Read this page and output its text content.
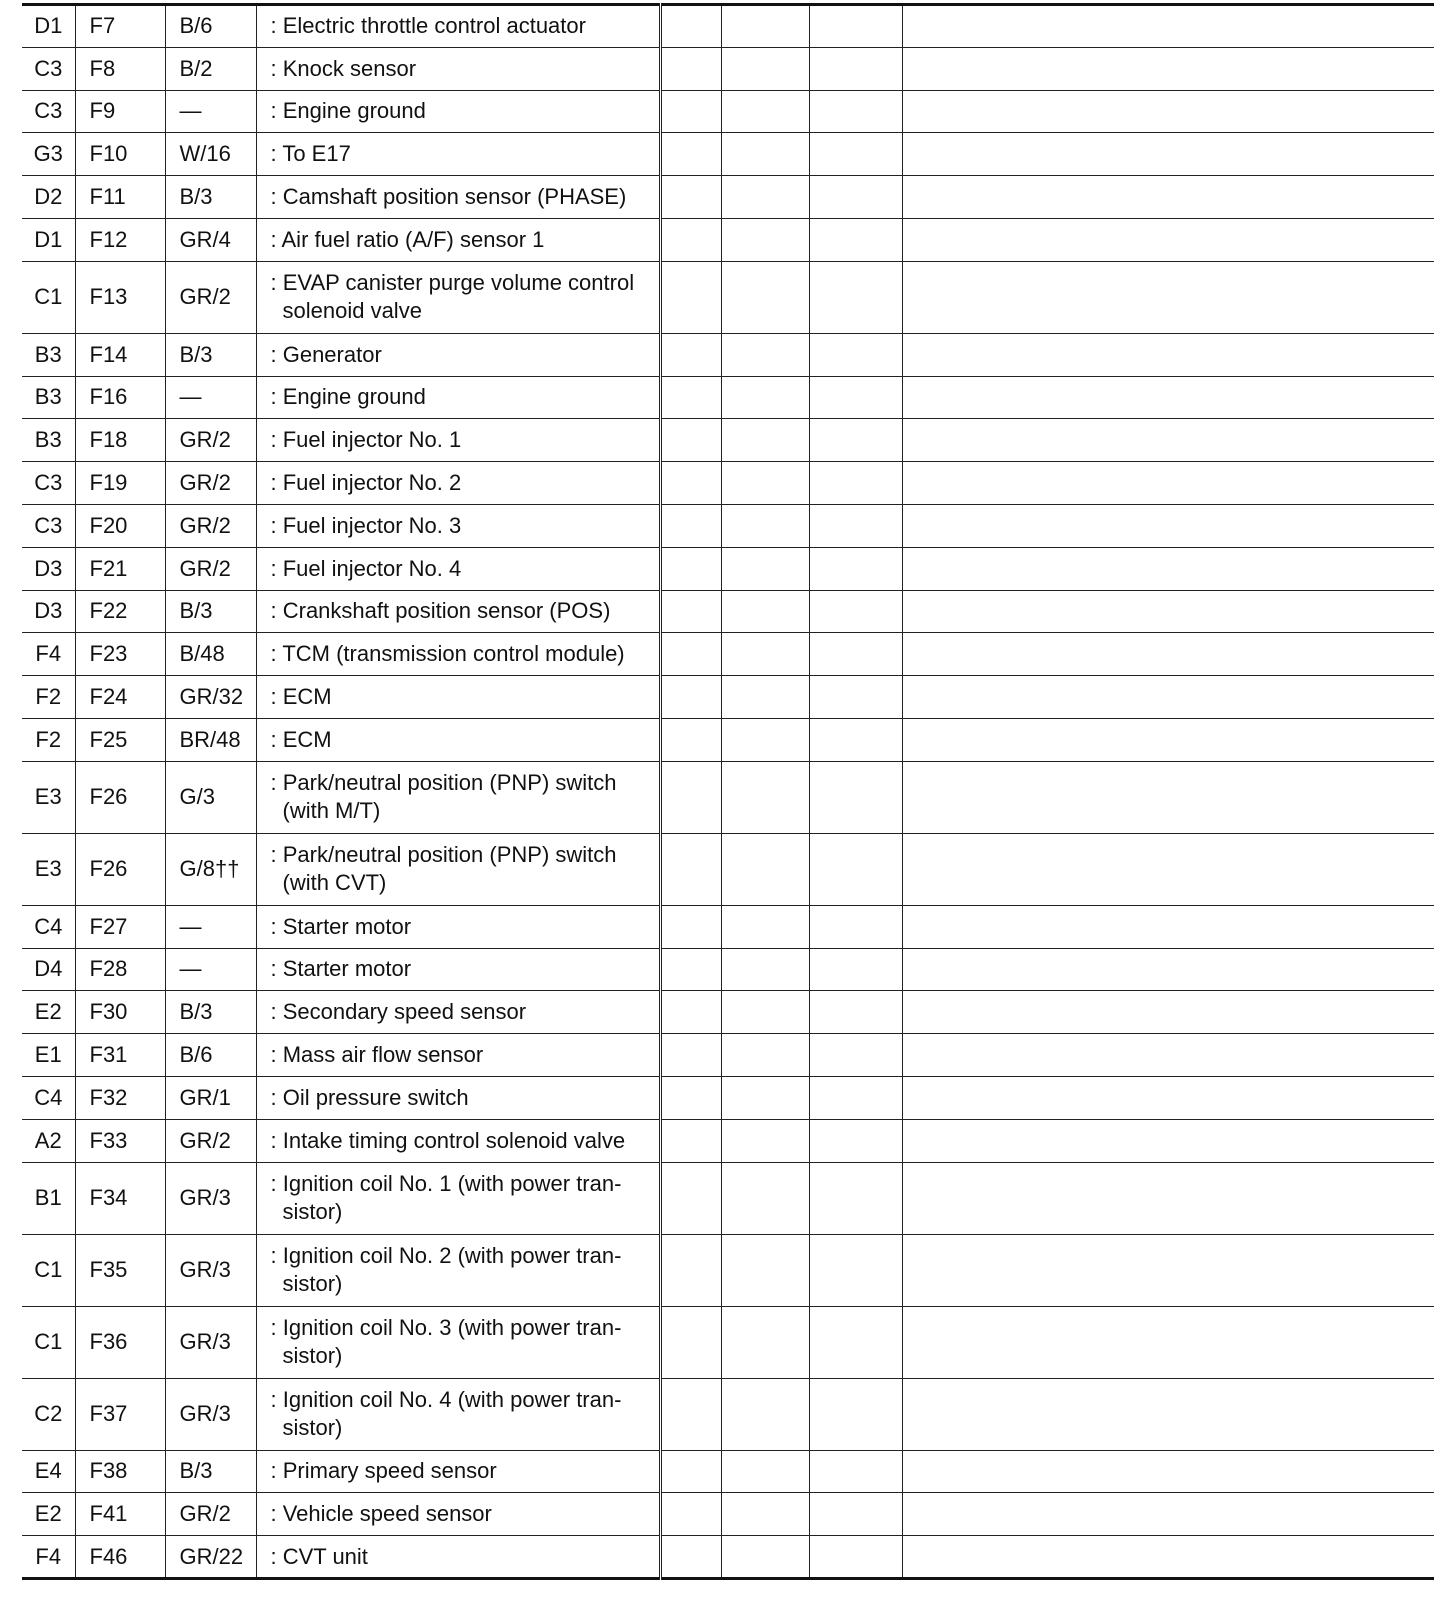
D1	F7	B/6	: Electric throttle control actuator				

C3	F8	B/2	: Knock sensor				

C3	F9	—	: Engine ground				

G3	F10	W/16	: To E17				

D2	F11	B/3	: Camshaft position sensor (PHASE)				

D1	F12	GR/4	: Air fuel ratio (A/F) sensor 1				

C1	F13	GR/2	: EVAP canister purge volume control solenoid valve				

B3	F14	B/3	: Generator				

B3	F16	—	: Engine ground				

B3	F18	GR/2	: Fuel injector No. 1				

C3	F19	GR/2	: Fuel injector No. 2				

C3	F20	GR/2	: Fuel injector No. 3				

D3	F21	GR/2	: Fuel injector No. 4				

D3	F22	B/3	: Crankshaft position sensor (POS)				

F4	F23	B/48	: TCM (transmission control module)				

F2	F24	GR/32	: ECM				

F2	F25	BR/48	: ECM				

E3	F26	G/3	: Park/neutral position (PNP) switch (with M/T)				

E3	F26	G/8††	: Park/neutral position (PNP) switch (with CVT)				

C4	F27	—	: Starter motor				

D4	F28	—	: Starter motor				

E2	F30	B/3	: Secondary speed sensor				

E1	F31	B/6	: Mass air flow sensor				

C4	F32	GR/1	: Oil pressure switch				

A2	F33	GR/2	: Intake timing control solenoid valve				

B1	F34	GR/3	: Ignition coil No. 1 (with power tran- sistor)				

C1	F35	GR/3	: Ignition coil No. 2 (with power tran- sistor)				

C1	F36	GR/3	: Ignition coil No. 3 (with power tran- sistor)				

C2	F37	GR/3	: Ignition coil No. 4 (with power tran- sistor)				

E4	F38	B/3	: Primary speed sensor				

E2	F41	GR/2	: Vehicle speed sensor				

F4	F46	GR/22	: CVT unit				
